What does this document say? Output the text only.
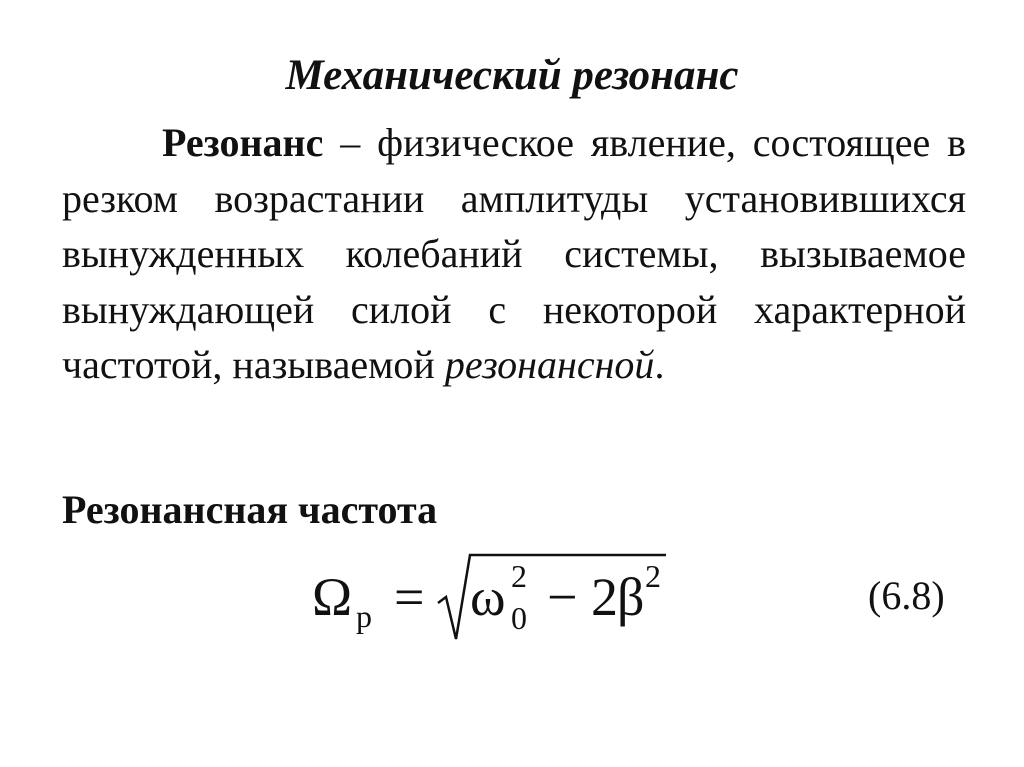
Механический резонанс

Резонанс – физическое явление, состоящее в резком возрастании амплитуды установившихся вынужденных колебаний системы, вызываемое вынуждающей силой с некоторой характерной частотой, называемой резонансной.

Резонансная частота
Ω р = ω 2
0 − 2 β 2	(6.8)
